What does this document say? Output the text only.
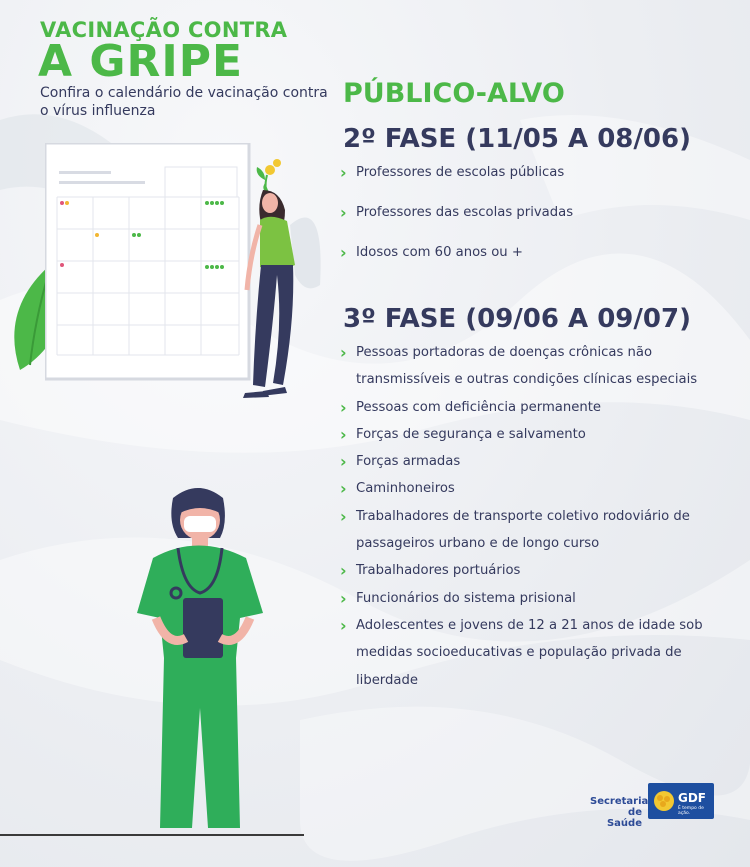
VACINAÇÃO CONTRA
A GRIPE
Confira o calendário de vacinação contra o vírus influenza
PÚBLICO-ALVO
2º FASE (11/05 A 08/06)
› Professores de escolas públicas
› Professores das escolas privadas
› Idosos com 60 anos ou +
3º FASE (09/06 A 09/07)
› Pessoas portadoras de doenças crônicas não transmissíveis e outras condições clínicas especiais
› Pessoas com deficiência permanente
› Forças de segurança e salvamento
› Forças armadas
› Caminhoneiros
› Trabalhadores de transporte coletivo rodoviário de passageiros urbano e de longo curso
› Trabalhadores portuários
› Funcionários do sistema prisional
› Adolescentes e jovens de 12 a 21 anos de idade sob medidas socioeducativas e população privada de liberdade
Secretaria de Saúde
GDF
É tempo de ação.
